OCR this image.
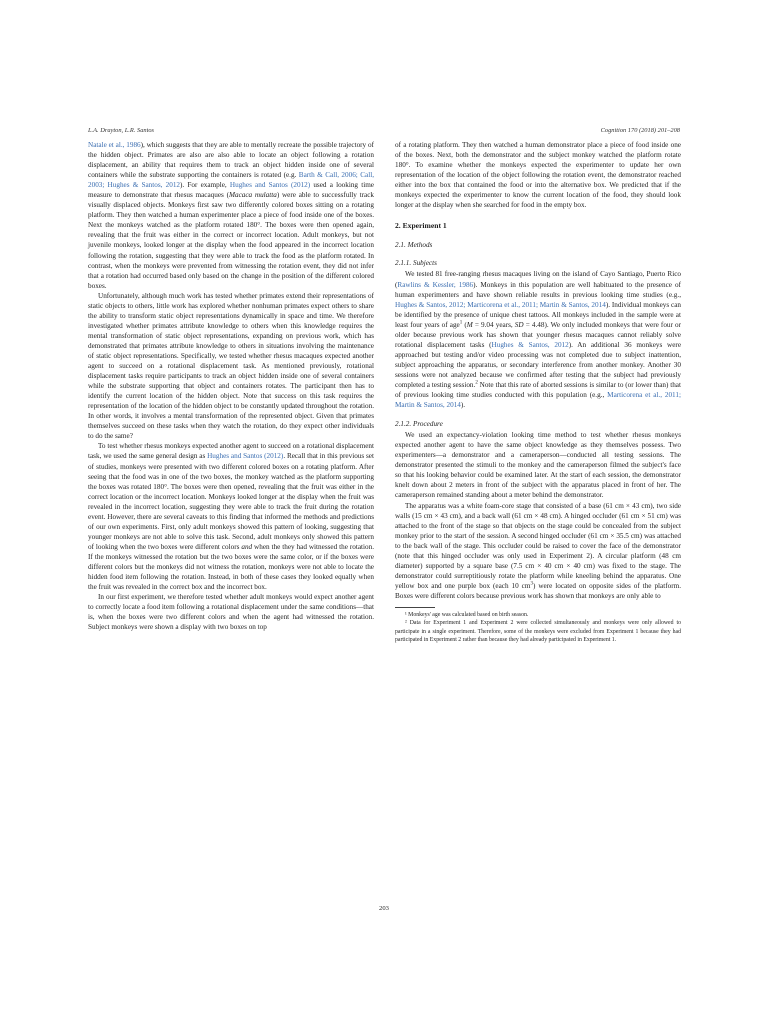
L.A. Drayton, L.R. Santos	Cognition 170 (2018) 201–208

Natale et al., 1986), which suggests that they are able to mentally recreate the possible trajectory of the hidden object. Primates are also are also able to locate an object following a rotation displacement, an ability that requires them to track an object hidden inside one of several containers while the substrate supporting the containers is rotated (e.g. Barth & Call, 2006; Call, 2003; Hughes & Santos, 2012). For example, Hughes and Santos (2012) used a looking time measure to demonstrate that rhesus macaques (Macaca mulatta) were able to successfully track visually displaced objects. Monkeys first saw two differently colored boxes sitting on a rotating platform. They then watched a human experimenter place a piece of food inside one of the boxes. Next the monkeys watched as the platform rotated 180°. The boxes were then opened again, revealing that the fruit was either in the correct or incorrect location. Adult monkeys, but not juvenile monkeys, looked longer at the display when the food appeared in the incorrect location following the rotation, suggesting that they were able to track the food as the platform rotated. In contrast, when the monkeys were prevented from witnessing the rotation event, they did not infer that a rotation had occurred based only based on the change in the position of the different colored boxes.

Unfortunately, although much work has tested whether primates extend their representations of static objects to others, little work has explored whether nonhuman primates expect others to share the ability to transform static object representations dynamically in space and time. We therefore investigated whether primates attribute knowledge to others when this knowledge requires the mental transformation of static object representations, expanding on previous work, which has demonstrated that primates attribute knowledge to others in situations involving the maintenance of static object representations. Specifically, we tested whether rhesus macaques expected another agent to succeed on a rotational displacement task. As mentioned previously, rotational displacement tasks require participants to track an object hidden inside one of several containers while the substrate supporting that object and containers rotates. The participant then has to identify the current location of the hidden object. Note that success on this task requires the representation of the location of the hidden object to be constantly updated throughout the rotation. In other words, it involves a mental transformation of the represented object. Given that primates themselves succeed on these tasks when they watch the rotation, do they expect other individuals to do the same?

To test whether rhesus monkeys expected another agent to succeed on a rotational displacement task, we used the same general design as Hughes and Santos (2012). Recall that in this previous set of studies, monkeys were presented with two different colored boxes on a rotating platform. After seeing that the food was in one of the two boxes, the monkey watched as the platform supporting the boxes was rotated 180°. The boxes were then opened, revealing that the fruit was either in the correct location or the incorrect location. Monkeys looked longer at the display when the fruit was revealed in the incorrect location, suggesting they were able to track the fruit during the rotation event. However, there are several caveats to this finding that informed the methods and predictions of our own experiments. First, only adult monkeys showed this pattern of looking, suggesting that younger monkeys are not able to solve this task. Second, adult monkeys only showed this pattern of looking when the two boxes were different colors and when the they had witnessed the rotation. If the monkeys witnessed the rotation but the two boxes were the same color, or if the boxes were different colors but the monkeys did not witness the rotation, monkeys were not able to locate the hidden food item following the rotation. Instead, in both of these cases they looked equally when the fruit was revealed in the correct box and the incorrect box.

In our first experiment, we therefore tested whether adult monkeys would expect another agent to correctly locate a food item following a rotational displacement under the same conditions—that is, when the boxes were two different colors and when the agent had witnessed the rotation. Subject monkeys were shown a display with two boxes on top

of a rotating platform. They then watched a human demonstrator place a piece of food inside one of the boxes. Next, both the demonstrator and the subject monkey watched the platform rotate 180°. To examine whether the monkeys expected the experimenter to update her own representation of the location of the object following the rotation event, the demonstrator reached either into the box that contained the food or into the alternative box. We predicted that if the monkeys expected the experimenter to know the current location of the food, they should look longer at the display when she searched for food in the empty box.

2. Experiment 1
2.1. Methods
2.1.1. Subjects

We tested 81 free-ranging rhesus macaques living on the island of Cayo Santiago, Puerto Rico (Rawlins & Kessler, 1986). Monkeys in this population are well habituated to the presence of human experimenters and have shown reliable results in previous looking time studies (e.g., Hughes & Santos, 2012; Marticorena et al., 2011; Martin & Santos, 2014). Individual monkeys can be identified by the presence of unique chest tattoos. All monkeys included in the sample were at least four years of age$^1$ (M = 9.04 years, SD = 4.48). We only included monkeys that were four or older because previous work has shown that younger rhesus macaques cannot reliably solve rotational displacement tasks (Hughes & Santos, 2012). An additional 36 monkeys were approached but testing and/or video processing was not completed due to subject inattention, subject approaching the apparatus, or secondary interference from another monkey. Another 30 sessions were not analyzed because we confirmed after testing that the subject had previously completed a testing session.$^2$ Note that this rate of aborted sessions is similar to (or lower than) that of previous looking time studies conducted with this population (e.g., Marticorena et al., 2011; Martin & Santos, 2014).

2.1.2. Procedure

We used an expectancy-violation looking time method to test whether rhesus monkeys expected another agent to have the same object knowledge as they themselves possess. Two experimenters—a demonstrator and a cameraperson—conducted all testing sessions. The demonstrator presented the stimuli to the monkey and the cameraperson filmed the subject's face so that his looking behavior could be examined later. At the start of each session, the demonstrator knelt down about 2 meters in front of the subject with the apparatus placed in front of her. The cameraperson remained standing about a meter behind the demonstrator.

The apparatus was a white foam-core stage that consisted of a base (61 cm × 43 cm), two side walls (15 cm × 43 cm), and a back wall (61 cm × 48 cm). A hinged occluder (61 cm × 51 cm) was attached to the front of the stage so that objects on the stage could be concealed from the subject monkey prior to the start of the session. A second hinged occluder (61 cm × 35.5 cm) was attached to the back wall of the stage. This occluder could be raised to cover the face of the demonstrator (note that this hinged occluder was only used in Experiment 2). A circular platform (48 cm diameter) supported by a square base (7.5 cm × 40 cm × 40 cm) was fixed to the stage. The demonstrator could surreptitiously rotate the platform while kneeling behind the apparatus. One yellow box and one purple box (each 10 $cm^3$) were located on opposite sides of the platform. Boxes were different colors because previous work has shown that monkeys are only able to

¹ Monkeys' age was calculated based on birth season.

² Data for Experiment 1 and Experiment 2 were collected simultaneously and monkeys were only allowed to participate in a single experiment. Therefore, some of the monkeys were excluded from Experiment 1 because they had participated in Experiment 2 rather than because they had already participated in Experiment 1.

203
